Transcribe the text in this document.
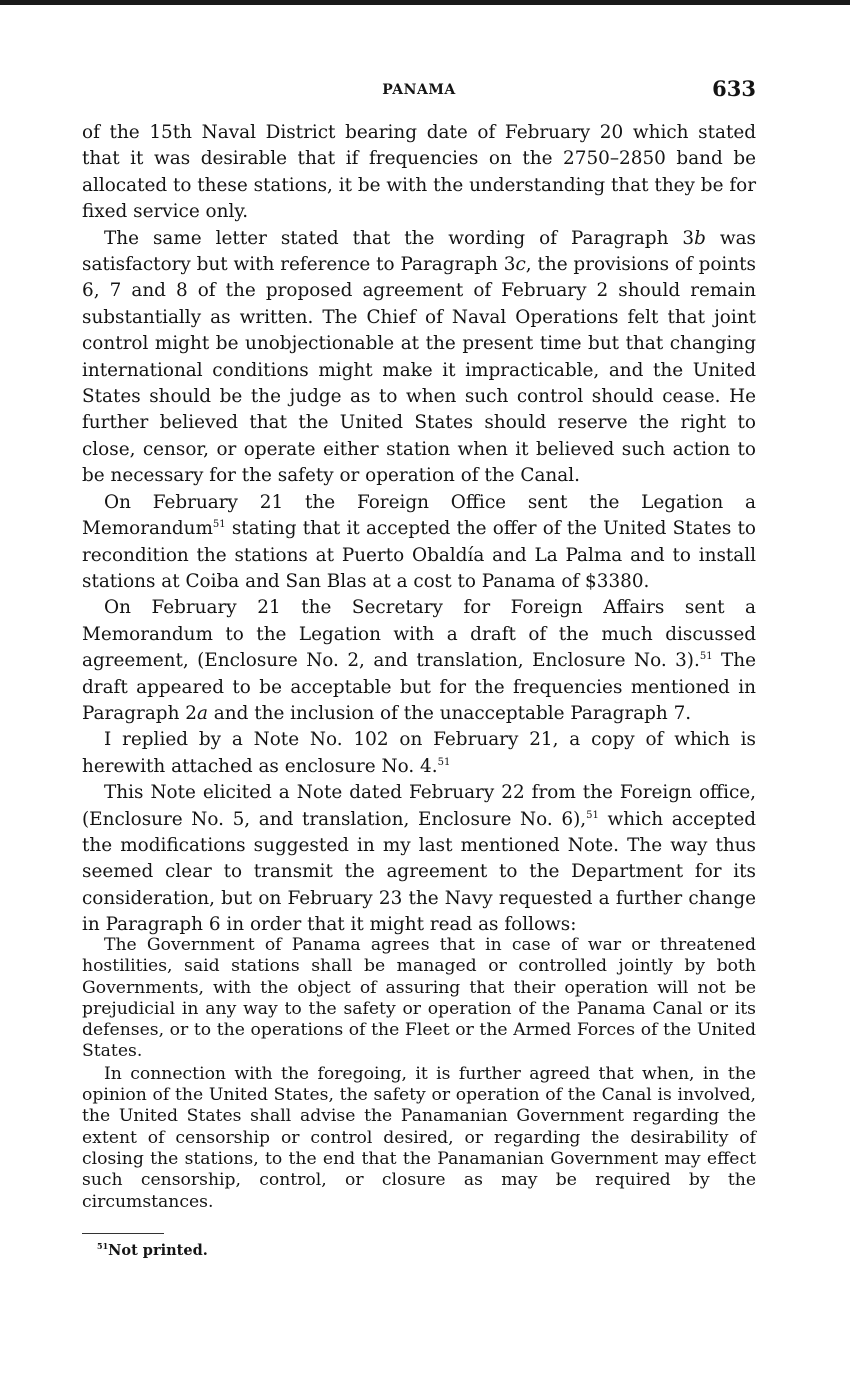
PANAMA	633

of the 15th Naval District bearing date of February 20 which stated that it was desirable that if frequencies on the 2750–2850 band be allocated to these stations, it be with the understanding that they be for fixed service only.

The same letter stated that the wording of Paragraph 3b was satisfactory but with reference to Paragraph 3c, the provisions of points 6, 7 and 8 of the proposed agreement of February 2 should remain substantially as written. The Chief of Naval Operations felt that joint control might be unobjectionable at the present time but that changing international conditions might make it impracticable, and the United States should be the judge as to when such control should cease. He further believed that the United States should reserve the right to close, censor, or operate either station when it believed such action to be necessary for the safety or operation of the Canal.

On February 21 the Foreign Office sent the Legation a Memorandum$^{51}$ stating that it accepted the offer of the United States to recondition the stations at Puerto Obaldía and La Palma and to install stations at Coiba and San Blas at a cost to Panama of $3380.

On February 21 the Secretary for Foreign Affairs sent a Memorandum to the Legation with a draft of the much discussed agreement, (Enclosure No. 2, and translation, Enclosure No. 3).$^{51}$ The draft appeared to be acceptable but for the frequencies mentioned in Paragraph 2a and the inclusion of the unacceptable Paragraph 7.

I replied by a Note No. 102 on February 21, a copy of which is herewith attached as enclosure No. 4.51

This Note elicited a Note dated February 22 from the Foreign office, (Enclosure No. 5, and translation, Enclosure No. 6),$^{51}$ which accepted the modifications suggested in my last mentioned Note. The way thus seemed clear to transmit the agreement to the Department for its consideration, but on February 23 the Navy requested a further change in Paragraph 6 in order that it might read as follows:

The Government of Panama agrees that in case of war or threatened hostilities, said stations shall be managed or controlled jointly by both Governments, with the object of assuring that their operation will not be prejudicial in any way to the safety or operation of the Panama Canal or its defenses, or to the operations of the Fleet or the Armed Forces of the United States.

In connection with the foregoing, it is further agreed that when, in the opinion of the United States, the safety or operation of the Canal is involved, the United States shall advise the Panamanian Government regarding the extent of censorship or control desired, or regarding the desirability of closing the stations, to the end that the Panamanian Government may effect such censorship, control, or closure as may be required by the circumstances.

$^{51}$Not printed.
